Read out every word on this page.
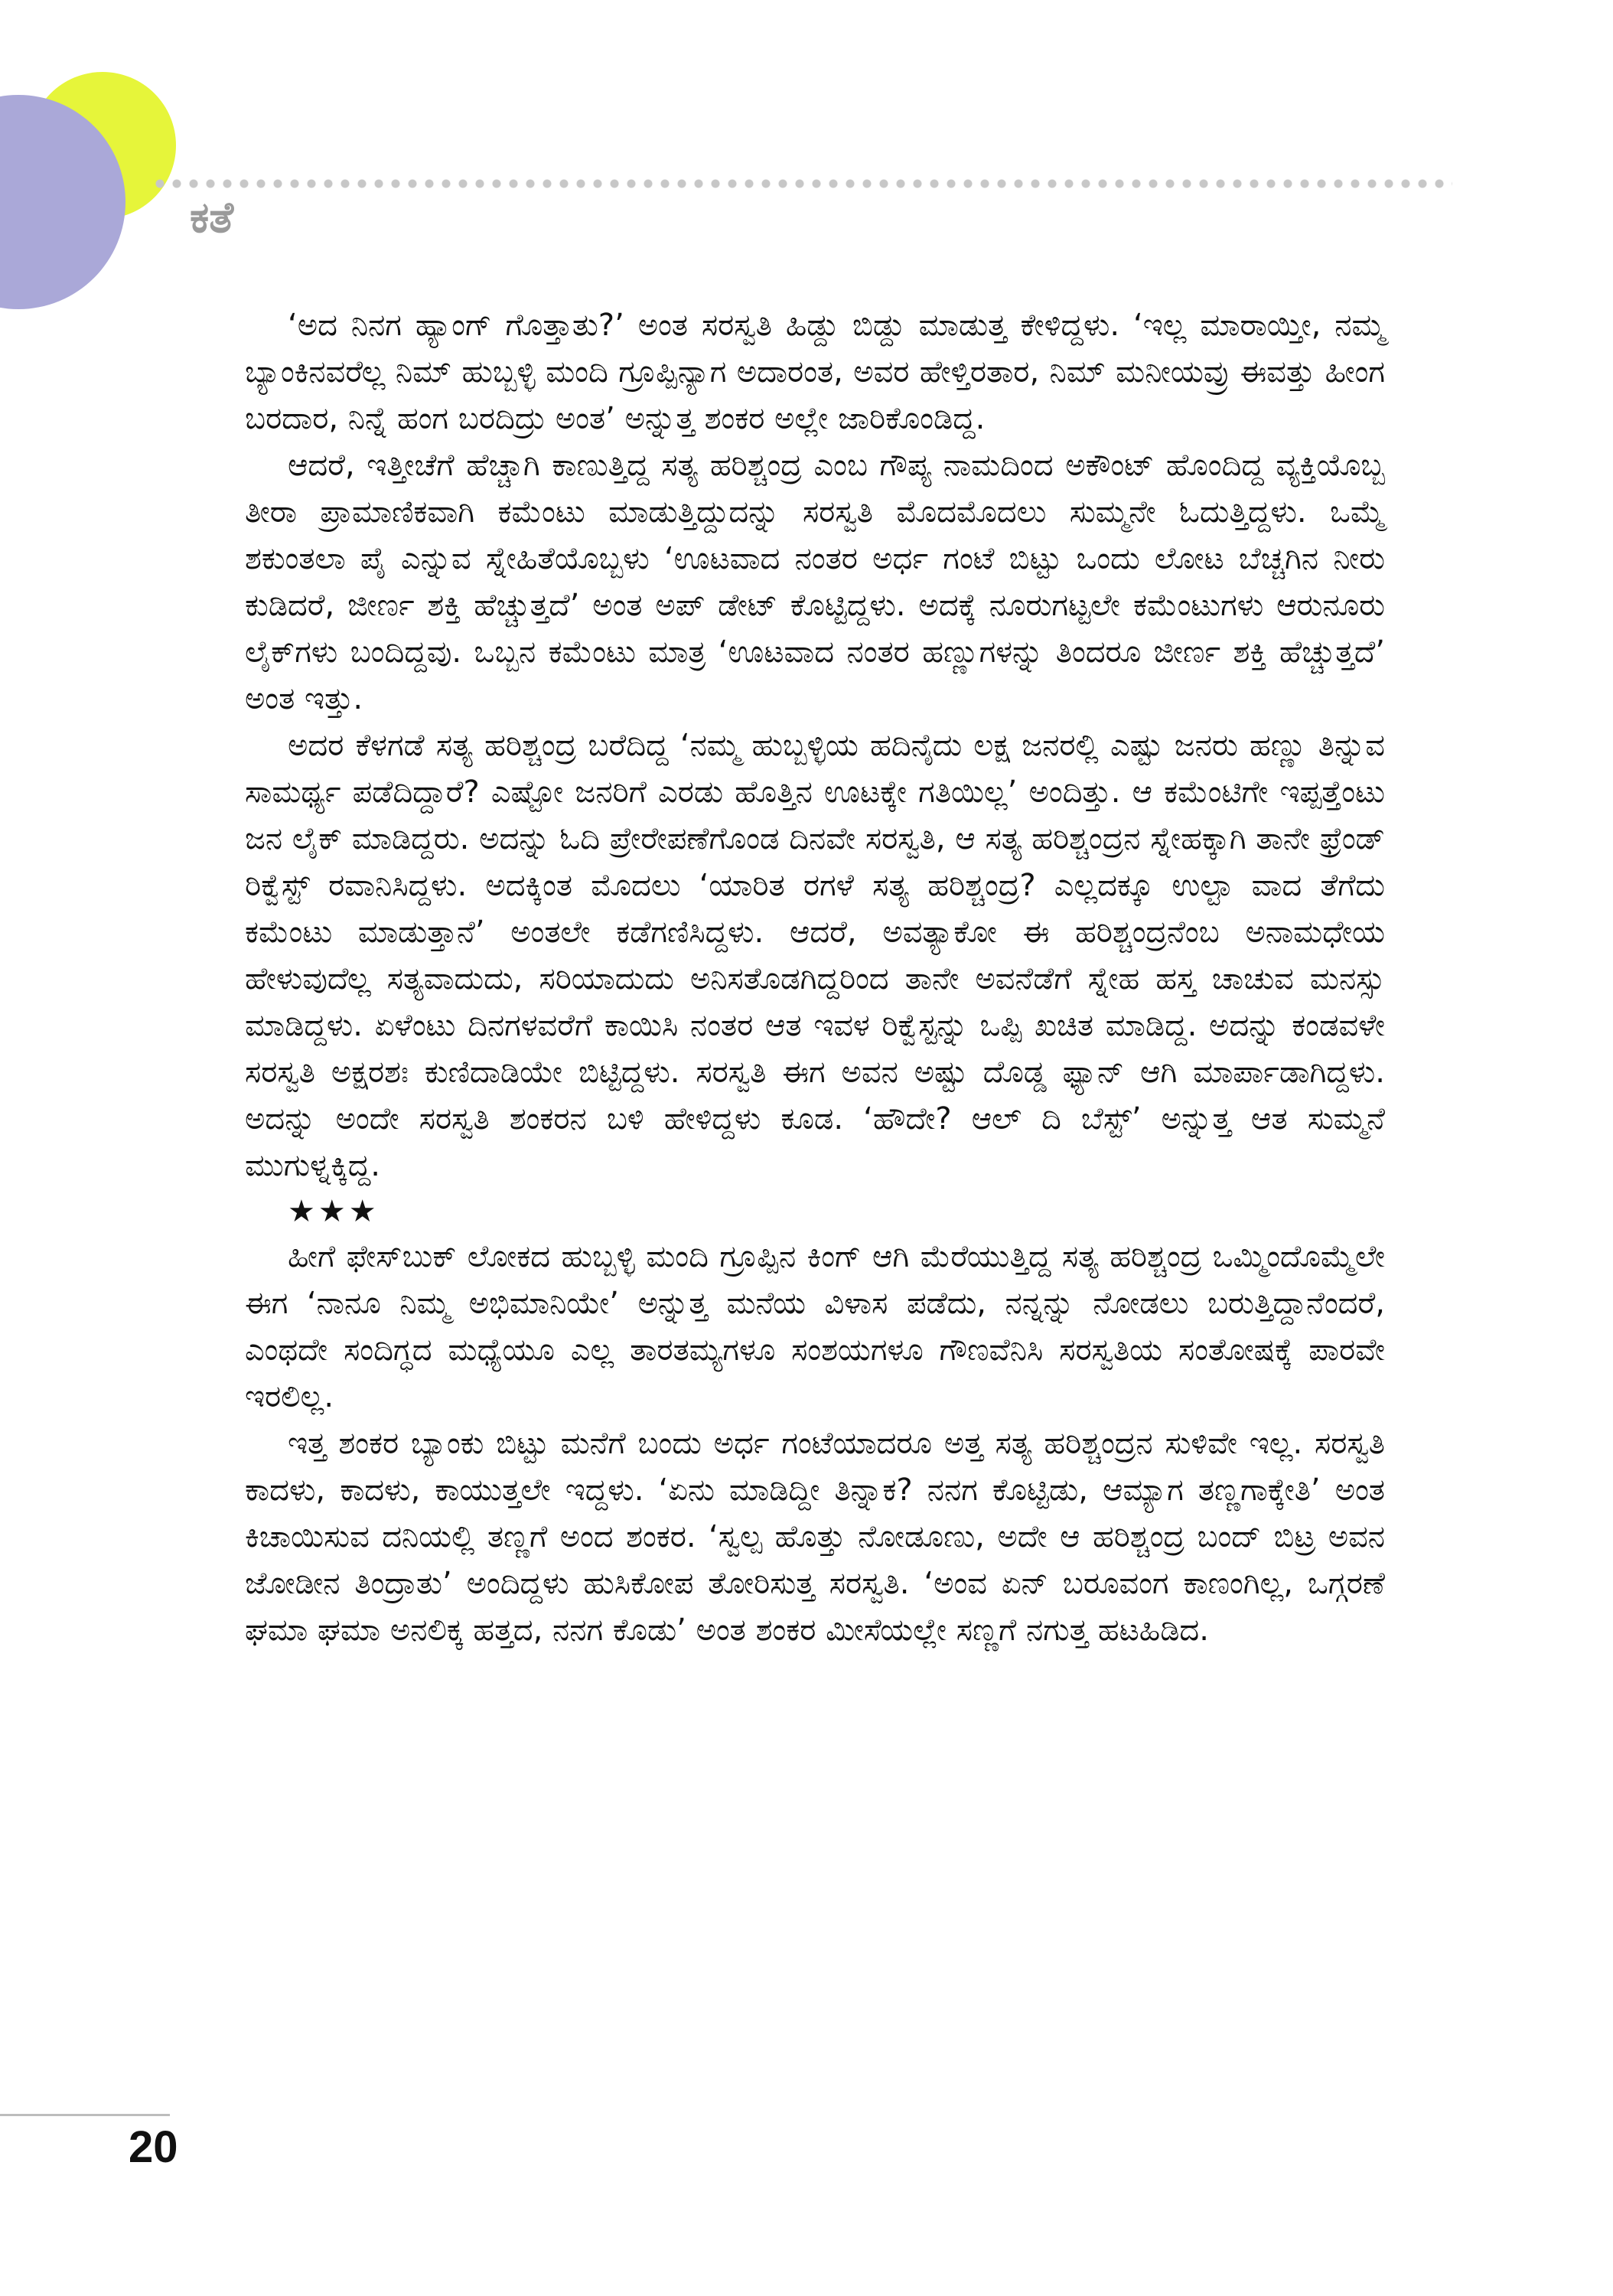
ಕತೆ

‘ಅದ ನಿನಗ ಹ್ಯಾಂಗ್ ಗೊತ್ತಾತು?’ ಅಂತ ಸರಸ್ವತಿ ಹಿಡ್ದು ಬಿಡ್ದು ಮಾಡುತ್ತ ಕೇಳಿದ್ದಳು. ‘ಇಲ್ಲ ಮಾರಾಯ್ತೀ, ನಮ್ಮ ಬ್ಯಾಂಕಿನವರೆಲ್ಲ ನಿಮ್ ಹುಬ್ಬಳ್ಳಿ ಮಂದಿ ಗ್ರೂಪ್ಪಿನ್ಯಾಗ ಅದಾರಂತ, ಅವರ ಹೇಳ್ತಿರತಾರ, ನಿಮ್ ಮನೀಯವ್ರು ಈವತ್ತು ಹೀಂಗ ಬರದಾರ, ನಿನ್ನೆ ಹಂಗ ಬರದಿದ್ರು ಅಂತ’ ಅನ್ನುತ್ತ ಶಂಕರ ಅಲ್ಲೇ ಜಾರಿಕೊಂಡಿದ್ದ.

ಆದರೆ, ಇತ್ತೀಚೆಗೆ ಹೆಚ್ಚಾಗಿ ಕಾಣುತ್ತಿದ್ದ ಸತ್ಯ ಹರಿಶ್ಚಂದ್ರ ಎಂಬ ಗೌಪ್ಯ ನಾಮದಿಂದ ಅಕೌಂಟ್ ಹೊಂದಿದ್ದ ವ್ಯಕ್ತಿಯೊಬ್ಬ ತೀರಾ ಪ್ರಾಮಾಣಿಕವಾಗಿ ಕಮೆಂಟು ಮಾಡುತ್ತಿದ್ದುದನ್ನು ಸರಸ್ವತಿ ಮೊದಮೊದಲು ಸುಮ್ಮನೇ ಓದುತ್ತಿದ್ದಳು. ಒಮ್ಮೆ ಶಕುಂತಲಾ ಪೈ ಎನ್ನುವ ಸ್ನೇಹಿತೆಯೊಬ್ಬಳು ‘ಊಟವಾದ ನಂತರ ಅರ್ಧ ಗಂಟೆ ಬಿಟ್ಟು ಒಂದು ಲೋಟ ಬೆಚ್ಚಗಿನ ನೀರು ಕುಡಿದರೆ, ಜೀರ್ಣ ಶಕ್ತಿ ಹೆಚ್ಚುತ್ತದೆ’ ಅಂತ ಅಪ್ ಡೇಟ್ ಕೊಟ್ಟಿದ್ದಳು. ಅದಕ್ಕೆ ನೂರುಗಟ್ಟಲೇ ಕಮೆಂಟುಗಳು ಆರುನೂರು ಲೈಕ್‌ಗಳು ಬಂದಿದ್ದವು. ಒಬ್ಬನ ಕಮೆಂಟು ಮಾತ್ರ ‘ಊಟವಾದ ನಂತರ ಹಣ್ಣುಗಳನ್ನು ತಿಂದರೂ ಜೀರ್ಣ ಶಕ್ತಿ ಹೆಚ್ಚುತ್ತದೆ’ ಅಂತ ಇತ್ತು.

ಅದರ ಕೆಳಗಡೆ ಸತ್ಯ ಹರಿಶ್ಚಂದ್ರ ಬರೆದಿದ್ದ ‘ನಮ್ಮ ಹುಬ್ಬಳ್ಳಿಯ ಹದಿನೈದು ಲಕ್ಷ ಜನರಲ್ಲಿ ಎಷ್ಟು ಜನರು ಹಣ್ಣು ತಿನ್ನುವ ಸಾಮರ್ಥ್ಯ ಪಡೆದಿದ್ದಾರೆ? ಎಷ್ಟೋ ಜನರಿಗೆ ಎರಡು ಹೊತ್ತಿನ ಊಟಕ್ಕೇ ಗತಿಯಿಲ್ಲ’ ಅಂದಿತ್ತು. ಆ ಕಮೆಂಟಿಗೇ ಇಪ್ಪತ್ತೆಂಟು ಜನ ಲೈಕ್ ಮಾಡಿದ್ದರು. ಅದನ್ನು ಓದಿ ಪ್ರೇರೇಪಣೆಗೊಂಡ ದಿನವೇ ಸರಸ್ವತಿ, ಆ ಸತ್ಯ ಹರಿಶ್ಚಂದ್ರನ ಸ್ನೇಹಕ್ಕಾಗಿ ತಾನೇ ಫ್ರೆಂಡ್ ರಿಕ್ವೆಸ್ಟ್ ರವಾನಿಸಿದ್ದಳು. ಅದಕ್ಕಿಂತ ಮೊದಲು ‘ಯಾರಿತ ರಗಳೆ ಸತ್ಯ ಹರಿಶ್ಚಂದ್ರ? ಎಲ್ಲದಕ್ಕೂ ಉಲ್ಟಾ ವಾದ ತೆಗೆದು ಕಮೆಂಟು ಮಾಡುತ್ತಾನೆ’ ಅಂತಲೇ ಕಡೆಗಣಿಸಿದ್ದಳು. ಆದರೆ, ಅವತ್ಯಾಕೋ ಈ ಹರಿಶ್ಚಂದ್ರನೆಂಬ ಅನಾಮಧೇಯ ಹೇಳುವುದೆಲ್ಲ ಸತ್ಯವಾದುದು, ಸರಿಯಾದುದು ಅನಿಸತೊಡಗಿದ್ದರಿಂದ ತಾನೇ ಅವನೆಡೆಗೆ ಸ್ನೇಹ ಹಸ್ತ ಚಾಚುವ ಮನಸ್ಸು ಮಾಡಿದ್ದಳು. ಏಳೆಂಟು ದಿನಗಳವರೆಗೆ ಕಾಯಿಸಿ ನಂತರ ಆತ ಇವಳ ರಿಕ್ವೆಸ್ಟನ್ನು ಒಪ್ಪಿ ಖಚಿತ ಮಾಡಿದ್ದ. ಅದನ್ನು ಕಂಡವಳೇ ಸರಸ್ವತಿ ಅಕ್ಷರಶಃ ಕುಣಿದಾಡಿಯೇ ಬಿಟ್ಟಿದ್ದಳು. ಸರಸ್ವತಿ ಈಗ ಅವನ ಅಷ್ಟು ದೊಡ್ಡ ಫ್ಯಾನ್ ಆಗಿ ಮಾರ್ಪಾಡಾಗಿದ್ದಳು. ಅದನ್ನು ಅಂದೇ ಸರಸ್ವತಿ ಶಂಕರನ ಬಳಿ ಹೇಳಿದ್ದಳು ಕೂಡ. ‘ಹೌದೇ? ಆಲ್ ದಿ ಬೆಸ್ಟ್’ ಅನ್ನುತ್ತ ಆತ ಸುಮ್ಮನೆ ಮುಗುಳ್ನಕ್ಕಿದ್ದ.

★★★

ಹೀಗೆ ಫೇಸ್‌ಬುಕ್ ಲೋಕದ ಹುಬ್ಬಳ್ಳಿ ಮಂದಿ ಗ್ರೂಪ್ಪಿನ ಕಿಂಗ್ ಆಗಿ ಮೆರೆಯುತ್ತಿದ್ದ ಸತ್ಯ ಹರಿಶ್ಚಂದ್ರ ಒಮ್ಮಿಂದೊಮ್ಮೆಲೇ ಈಗ ‘ನಾನೂ ನಿಮ್ಮ ಅಭಿಮಾನಿಯೇ’ ಅನ್ನುತ್ತ ಮನೆಯ ವಿಳಾಸ ಪಡೆದು, ನನ್ನನ್ನು ನೋಡಲು ಬರುತ್ತಿದ್ದಾನೆಂದರೆ, ಎಂಥದೇ ಸಂದಿಗ್ಧದ ಮಧ್ಯೆಯೂ ಎಲ್ಲ ತಾರತಮ್ಯಗಳೂ ಸಂಶಯಗಳೂ ಗೌಣವೆನಿಸಿ ಸರಸ್ವತಿಯ ಸಂತೋಷಕ್ಕೆ ಪಾರವೇ ಇರಲಿಲ್ಲ.

ಇತ್ತ ಶಂಕರ ಬ್ಯಾಂಕು ಬಿಟ್ಟು ಮನೆಗೆ ಬಂದು ಅರ್ಧ ಗಂಟೆಯಾದರೂ ಅತ್ತ ಸತ್ಯ ಹರಿಶ್ಚಂದ್ರನ ಸುಳಿವೇ ಇಲ್ಲ. ಸರಸ್ವತಿ ಕಾದಳು, ಕಾದಳು, ಕಾಯುತ್ತಲೇ ಇದ್ದಳು. ‘ಏನು ಮಾಡಿದ್ದೀ ತಿನ್ನಾಕ? ನನಗ ಕೊಟ್ಟಿಡು, ಆಮ್ಯಾಗ ತಣ್ಣಗಾಕ್ಕೇತಿ’ ಅಂತ ಕಿಚಾಯಿಸುವ ದನಿಯಲ್ಲಿ ತಣ್ಣಗೆ ಅಂದ ಶಂಕರ. ‘ಸ್ವಲ್ಪ ಹೊತ್ತು ನೋಡೂಣು, ಅದೇ ಆ ಹರಿಶ್ಚಂದ್ರ ಬಂದ್ ಬಿಟ್ರ ಅವನ ಜೋಡೀನ ತಿಂದ್ರಾತು’ ಅಂದಿದ್ದಳು ಹುಸಿಕೋಪ ತೋರಿಸುತ್ತ ಸರಸ್ವತಿ. ‘ಅಂವ ಏನ್ ಬರೂವಂಗ ಕಾಣಂಗಿಲ್ಲ, ಒಗ್ಗರಣೆ ಘಮಾ ಘಮಾ ಅನಲಿಕ್ಕ ಹತ್ತದ, ನನಗ ಕೊಡು’ ಅಂತ ಶಂಕರ ಮೀಸೆಯಲ್ಲೇ ಸಣ್ಣಗೆ ನಗುತ್ತ ಹಟಹಿಡಿದ.

20
